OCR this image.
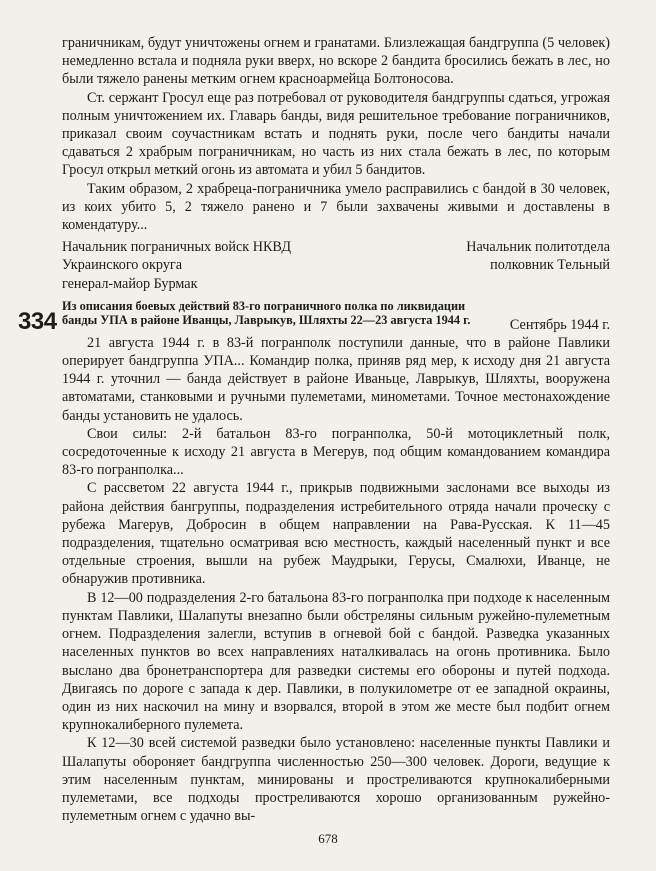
граничникам, будут уничтожены огнем и гранатами. Близлежащая бандгруппа (5 человек) немедленно встала и подняла руки вверх, но вскоре 2 бандита бросились бежать в лес, но были тяжело ранены метким огнем красноармейца Болтоносова.

Ст. сержант Гросул еще раз потребовал от руководителя бандгруппы сдаться, угрожая полным уничтожением их. Главарь банды, видя решительное требование пограничников, приказал своим соучастникам встать и поднять руки, после чего бандиты начали сдаваться 2 храбрым пограничникам, но часть из них стала бежать в лес, по которым Гросул открыл меткий огонь из автомата и убил 5 бандитов.

Таким образом, 2 храбреца-пограничника умело расправились с бандой в 30 человек, из коих убито 5, 2 тяжело ранено и 7 были захвачены живыми и доставлены в комендатуру...

Начальник пограничных войск НКВД
Украинского округа
генерал-майор Бурмак
Начальник политотдела
полковник Тельный
Из описания боевых действий 83-го пограничного полка по ликвидации банды УПА в районе Иванцы, Лаврыкув, Шляхты 22—23 августа 1944 г.	Сентябрь 1944 г.

21 августа 1944 г. в 83-й погранполк поступили данные, что в районе Павлики оперирует бандгруппа УПА... Командир полка, приняв ряд мер, к исходу дня 21 августа 1944 г. уточнил — банда действует в районе Иваньце, Лаврыкув, Шляхты, вооружена автоматами, станковыми и ручными пулеметами, минометами. Точное местонахождение банды установить не удалось.

Свои силы: 2-й батальон 83-го погранполка, 50-й мотоциклетный полк, сосредоточенные к исходу 21 августа в Мегерув, под общим командованием командира 83-го погранполка...

С рассветом 22 августа 1944 г., прикрыв подвижными заслонами все выходы из района действия бангруппы, подразделения истребительного отряда начали проческу с рубежа Магерув, Добросин в общем направлении на Рава-Русская. К 11—45 подразделения, тщательно осматривая всю местность, каждый населенный пункт и все отдельные строения, вышли на рубеж Маудрыки, Герусы, Смалюхи, Иванце, не обнаружив противника.

В 12—00 подразделения 2-го батальона 83-го погранполка при подходе к населенным пунктам Павлики, Шалапуты внезапно были обстреляны сильным ружейно-пулеметным огнем. Подразделения залегли, вступив в огневой бой с бандой. Разведка указанных населенных пунктов во всех направлениях наталкивалась на огонь противника. Было выслано два бронетранспортера для разведки системы его обороны и путей подхода. Двигаясь по дороге с запада к дер. Павлики, в полукилометре от ее западной окраины, один из них наскочил на мину и взорвался, второй в этом же месте был подбит огнем крупнокалиберного пулемета.

К 12—30 всей системой разведки было установлено: населенные пункты Павлики и Шалапуты обороняет бандгруппа численностью 250—300 человек. Дороги, ведущие к этим населенным пунктам, минированы и простреливаются крупнокалиберными пулеметами, все подходы простреливаются хорошо организованным ружейно-пулеметным огнем с удачно вы-

334
678
